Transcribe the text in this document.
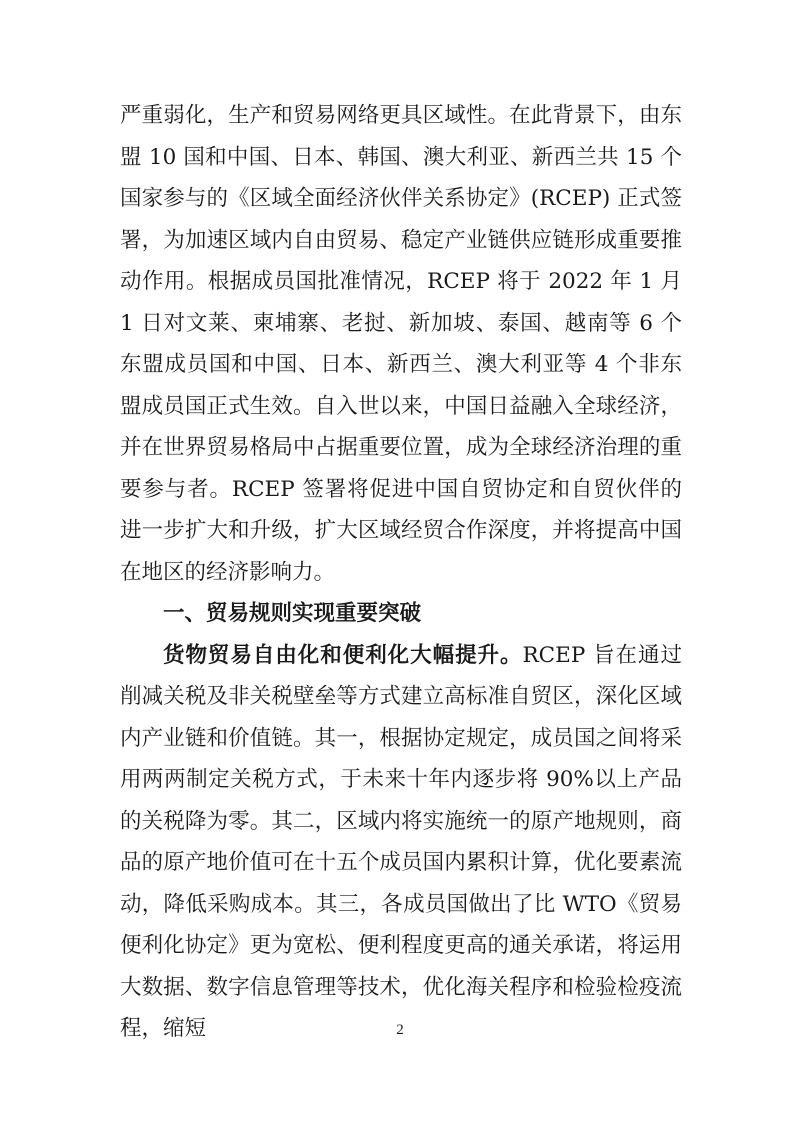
严重弱化，生产和贸易网络更具区域性。在此背景下，由东盟 10 国和中国、日本、韩国、澳大利亚、新西兰共 15 个国家参与的《区域全面经济伙伴关系协定》(RCEP) 正式签署，为加速区域内自由贸易、稳定产业链供应链形成重要推动作用。根据成员国批准情况，RCEP 将于 2022 年 1 月 1 日对文莱、柬埔寨、老挝、新加坡、泰国、越南等 6 个东盟成员国和中国、日本、新西兰、澳大利亚等 4 个非东盟成员国正式生效。自入世以来，中国日益融入全球经济，并在世界贸易格局中占据重要位置，成为全球经济治理的重要参与者。RCEP 签署将促进中国自贸协定和自贸伙伴的进一步扩大和升级，扩大区域经贸合作深度，并将提高中国在地区的经济影响力。

一、贸易规则实现重要突破

货物贸易自由化和便利化大幅提升。RCEP 旨在通过削减关税及非关税壁垒等方式建立高标准自贸区，深化区域内产业链和价值链。其一，根据协定规定，成员国之间将采用两两制定关税方式，于未来十年内逐步将 90%以上产品的关税降为零。其二，区域内将实施统一的原产地规则，商品的原产地价值可在十五个成员国内累积计算，优化要素流动，降低采购成本。其三，各成员国做出了比 WTO《贸易便利化协定》更为宽松、便利程度更高的通关承诺，将运用大数据、数字信息管理等技术，优化海关程序和检验检疫流程，缩短	2
